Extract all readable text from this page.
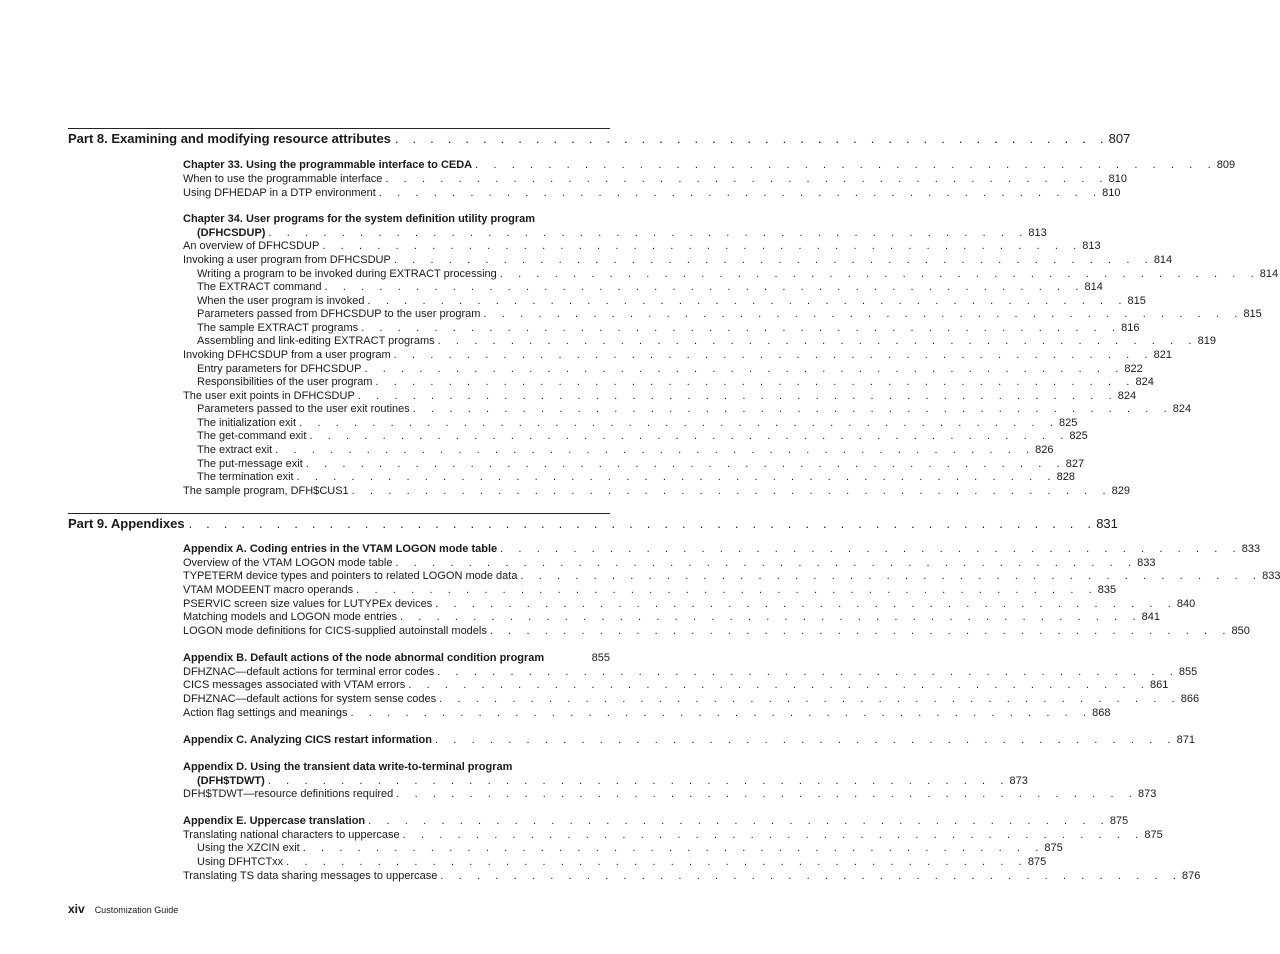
Part 8. Examining and modifying resource attributes . . . . . . . . . . . . . . . . . . . . . . . . . . . . . . . . . . . . . . . . . 807
Chapter 33. Using the programmable interface to CEDA . . . . . . . . . . . . . . . . . . . . . . . . . . . . . . . . . . . . . . . . . 809
When to use the programmable interface . . . . . . . . . . . . . . . . . . . . . . . . . . . . . . . . . . . . . . . . 810
Using DFHEDAP in a DTP environment . . . . . . . . . . . . . . . . . . . . . . . . . . . . . . . . . . . . . . . . 810
Chapter 34. User programs for the system definition utility program
(DFHCSDUP) . . . . . . . . . . . . . . . . . . . . . . . . . . . . . . . . . . . . . . . . . . 813
An overview of DFHCSDUP . . . . . . . . . . . . . . . . . . . . . . . . . . . . . . . . . . . . . . . . . . 813
Invoking a user program from DFHCSDUP . . . . . . . . . . . . . . . . . . . . . . . . . . . . . . . . . . . . . . . . . . 814
Writing a program to be invoked during EXTRACT processing . . . . . . . . . . . . . . . . . . . . . . . . . . . . . . . . . . . . . . . . . . 814
The EXTRACT command . . . . . . . . . . . . . . . . . . . . . . . . . . . . . . . . . . . . . . . . . . 814
When the user program is invoked . . . . . . . . . . . . . . . . . . . . . . . . . . . . . . . . . . . . . . . . . . 815
Parameters passed from DFHCSDUP to the user program . . . . . . . . . . . . . . . . . . . . . . . . . . . . . . . . . . . . . . . . . . 815
The sample EXTRACT programs . . . . . . . . . . . . . . . . . . . . . . . . . . . . . . . . . . . . . . . . . . 816
Assembling and link-editing EXTRACT programs . . . . . . . . . . . . . . . . . . . . . . . . . . . . . . . . . . . . . . . . . . 819
Invoking DFHCSDUP from a user program . . . . . . . . . . . . . . . . . . . . . . . . . . . . . . . . . . . . . . . . . . 821
Entry parameters for DFHCSDUP . . . . . . . . . . . . . . . . . . . . . . . . . . . . . . . . . . . . . . . . . . 822
Responsibilities of the user program . . . . . . . . . . . . . . . . . . . . . . . . . . . . . . . . . . . . . . . . . . 824
The user exit points in DFHCSDUP . . . . . . . . . . . . . . . . . . . . . . . . . . . . . . . . . . . . . . . . . . 824
Parameters passed to the user exit routines . . . . . . . . . . . . . . . . . . . . . . . . . . . . . . . . . . . . . . . . . . 824
The initialization exit . . . . . . . . . . . . . . . . . . . . . . . . . . . . . . . . . . . . . . . . . . 825
The get-command exit . . . . . . . . . . . . . . . . . . . . . . . . . . . . . . . . . . . . . . . . . . 825
The extract exit . . . . . . . . . . . . . . . . . . . . . . . . . . . . . . . . . . . . . . . . . . 826
The put-message exit . . . . . . . . . . . . . . . . . . . . . . . . . . . . . . . . . . . . . . . . . . 827
The termination exit . . . . . . . . . . . . . . . . . . . . . . . . . . . . . . . . . . . . . . . . . . 828
The sample program, DFH$CUS1 . . . . . . . . . . . . . . . . . . . . . . . . . . . . . . . . . . . . . . . . . . 829
Part 9. Appendixes . . . . . . . . . . . . . . . . . . . . . . . . . . . . . . . . . . . . . . . . . . . . . . . . . . . . 831
Appendix A. Coding entries in the VTAM LOGON mode table . . . . . . . . . . . . . . . . . . . . . . . . . . . . . . . . . . . . . . . . . 833
Overview of the VTAM LOGON mode table . . . . . . . . . . . . . . . . . . . . . . . . . . . . . . . . . . . . . . . . . 833
TYPETERM device types and pointers to related LOGON mode data . . . . . . . . . . . . . . . . . . . . . . . . . . . . . . . . . . . . . . . . . 833
VTAM MODEENT macro operands . . . . . . . . . . . . . . . . . . . . . . . . . . . . . . . . . . . . . . . . . 835
PSERVIC screen size values for LUTYPEx devices . . . . . . . . . . . . . . . . . . . . . . . . . . . . . . . . . . . . . . . . . 840
Matching models and LOGON mode entries . . . . . . . . . . . . . . . . . . . . . . . . . . . . . . . . . . . . . . . . . 841
LOGON mode definitions for CICS-supplied autoinstall models . . . . . . . . . . . . . . . . . . . . . . . . . . . . . . . . . . . . . . . . . 850
Appendix B. Default actions of the node abnormal condition program	855
DFHZNAC—default actions for terminal error codes . . . . . . . . . . . . . . . . . . . . . . . . . . . . . . . . . . . . . . . . . 855
CICS messages associated with VTAM errors . . . . . . . . . . . . . . . . . . . . . . . . . . . . . . . . . . . . . . . . . 861
DFHZNAC—default actions for system sense codes . . . . . . . . . . . . . . . . . . . . . . . . . . . . . . . . . . . . . . . . . 866
Action flag settings and meanings . . . . . . . . . . . . . . . . . . . . . . . . . . . . . . . . . . . . . . . . . 868
Appendix C. Analyzing CICS restart information . . . . . . . . . . . . . . . . . . . . . . . . . . . . . . . . . . . . . . . . . 871
Appendix D. Using the transient data write-to-terminal program
(DFH$TDWT) . . . . . . . . . . . . . . . . . . . . . . . . . . . . . . . . . . . . . . . . . 873
DFH$TDWT—resource definitions required . . . . . . . . . . . . . . . . . . . . . . . . . . . . . . . . . . . . . . . . . 873
Appendix E. Uppercase translation . . . . . . . . . . . . . . . . . . . . . . . . . . . . . . . . . . . . . . . . . 875
Translating national characters to uppercase . . . . . . . . . . . . . . . . . . . . . . . . . . . . . . . . . . . . . . . . . 875
Using the XZCIN exit . . . . . . . . . . . . . . . . . . . . . . . . . . . . . . . . . . . . . . . . . 875
Using DFHTCTxx . . . . . . . . . . . . . . . . . . . . . . . . . . . . . . . . . . . . . . . . . 875
Translating TS data sharing messages to uppercase . . . . . . . . . . . . . . . . . . . . . . . . . . . . . . . . . . . . . . . . . 876
xiv Customization Guide
